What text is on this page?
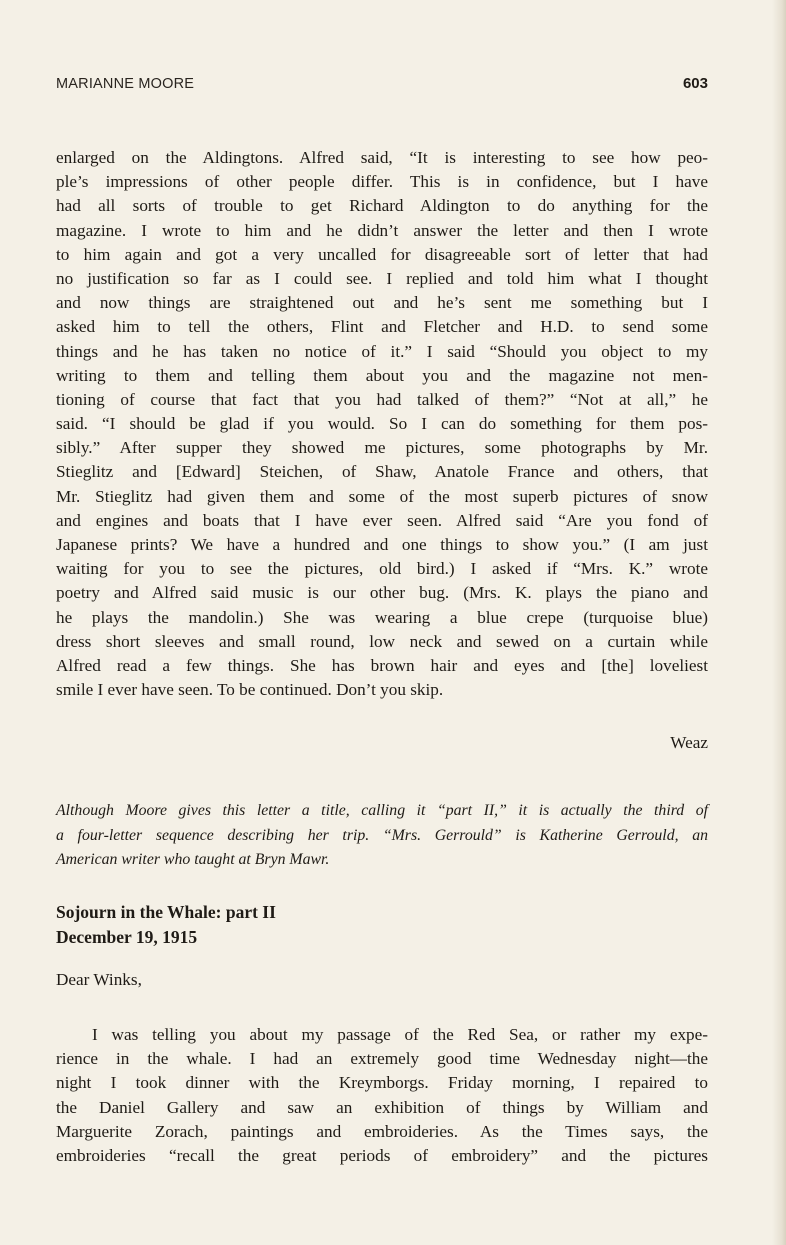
MARIANNE MOORE	603
enlarged on the Aldingtons. Alfred said, “It is interesting to see how peo-
ple’s impressions of other people differ. This is in confidence, but I have
had all sorts of trouble to get Richard Aldington to do anything for the
magazine. I wrote to him and he didn’t answer the letter and then I wrote
to him again and got a very uncalled for disagreeable sort of letter that had
no justification so far as I could see. I replied and told him what I thought
and now things are straightened out and he’s sent me something but I
asked him to tell the others, Flint and Fletcher and H.D. to send some
things and he has taken no notice of it.” I said “Should you object to my
writing to them and telling them about you and the magazine not men-
tioning of course that fact that you had talked of them?” “Not at all,” he
said. “I should be glad if you would. So I can do something for them pos-
sibly.” After supper they showed me pictures, some photographs by Mr.
Stieglitz and [Edward] Steichen, of Shaw, Anatole France and others, that
Mr. Stieglitz had given them and some of the most superb pictures of snow
and engines and boats that I have ever seen. Alfred said “Are you fond of
Japanese prints? We have a hundred and one things to show you.” (I am just
waiting for you to see the pictures, old bird.) I asked if “Mrs. K.” wrote
poetry and Alfred said music is our other bug. (Mrs. K. plays the piano and
he plays the mandolin.) She was wearing a blue crepe (turquoise blue)
dress short sleeves and small round, low neck and sewed on a curtain while
Alfred read a few things. She has brown hair and eyes and [the] loveliest
smile I ever have seen. To be continued. Don’t you skip.
Weaz
Although Moore gives this letter a title, calling it “part II,” it is actually the third of
a four-letter sequence describing her trip. “Mrs. Gerrould” is Katherine Gerrould, an
American writer who taught at Bryn Mawr.
Sojourn in the Whale: part II
December 19, 1915
Dear Winks,
I was telling you about my passage of the Red Sea, or rather my expe-
rience in the whale. I had an extremely good time Wednesday night—the
night I took dinner with the Kreymborgs. Friday morning, I repaired to
the Daniel Gallery and saw an exhibition of things by William and
Marguerite Zorach, paintings and embroideries. As the Times says, the
embroideries “recall the great periods of embroidery” and the pictures
